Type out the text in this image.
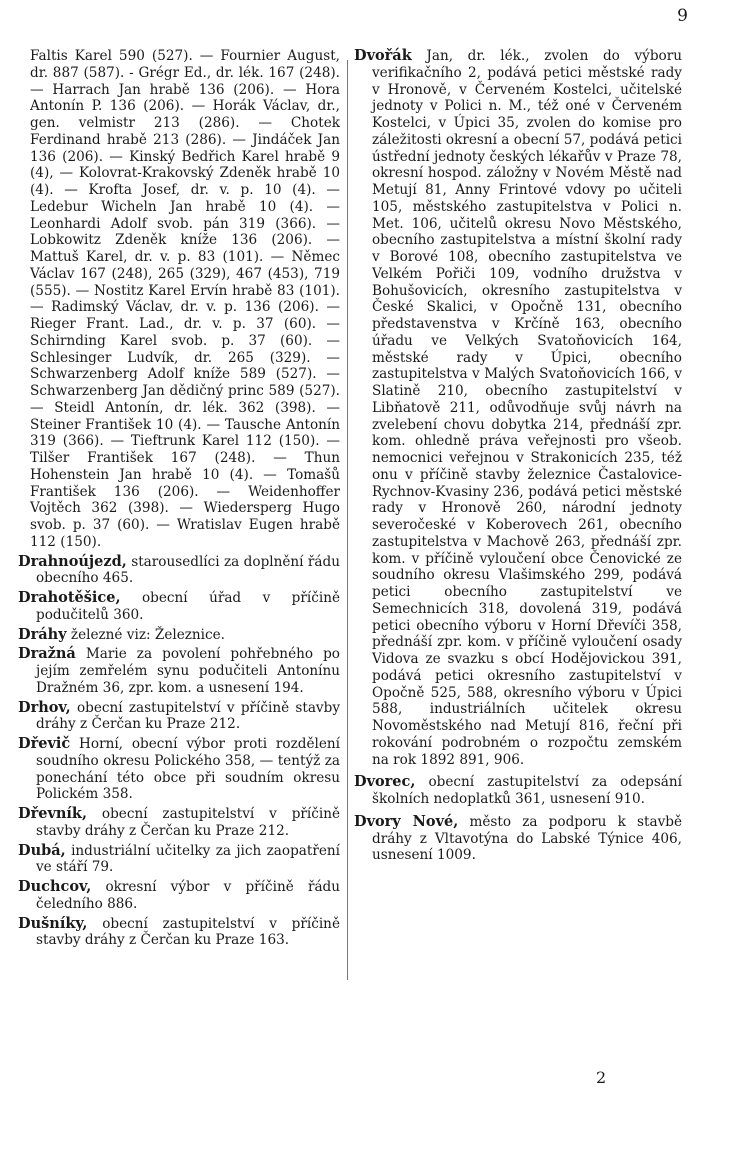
9

Faltis Karel 590 (527). — Fournier August, dr. 887 (587). - Grégr Ed., dr. lék. 167 (248). — Harrach Jan hrabě 136 (206). — Hora Antonín P. 136 (206). — Horák Václav, dr., gen. velmistr 213 (286). — Chotek Ferdinand hrabě 213 (286). — Jindáček Jan 136 (206). — Kinský Bedřich Karel hrabě 9 (4), — Kolovrat-Krakovský Zdeněk hrabě 10 (4). — Krofta Josef, dr. v. p. 10 (4). — Ledebur Wicheln Jan hrabě 10 (4). — Leonhardi Adolf svob. pán 319 (366). — Lobkowitz Zdeněk kníže 136 (206). — Mattuš Karel, dr. v. p. 83 (101). — Němec Václav 167 (248), 265 (329), 467 (453), 719 (555). — Nostitz Karel Ervín hrabě 83 (101). — Radimský Václav, dr. v. p. 136 (206). — Rieger Frant. Lad., dr. v. p. 37 (60). — Schirnding Karel svob. p. 37 (60). — Schlesinger Ludvík, dr. 265 (329). — Schwarzenberg Adolf kníže 589 (527). — Schwarzenberg Jan dědičný princ 589 (527). — Steidl Antonín, dr. lék. 362 (398). — Steiner František 10 (4). — Tausche Antonín 319 (366). — Tieftrunk Karel 112 (150). — Tilšer František 167 (248). — Thun Hohenstein Jan hrabě 10 (4). — Tomašů František 136 (206). — Weidenhoffer Vojtěch 362 (398). — Wiedersperg Hugo svob. p. 37 (60). — Wratislav Eugen hrabě 112 (150).

Drahnoújezd, starousedlíci za doplnění řádu obecního 465.

Drahotěšice, obecní úřad v příčině podučitelů 360.

Dráhy železné viz: Železnice.

Dražná Marie za povolení pohřebného po jejím zemřelém synu podučiteli Antonínu Dražném 36, zpr. kom. a usnesení 194.

Drhov, obecní zastupitelství v příčině stavby dráhy z Čerčan ku Praze 212.

Dřevič Horní, obecní výbor proti rozdělení soudního okresu Polického 358, — tentýž za ponechání této obce při soudním okresu Polickém 358.

Dřevník, obecní zastupitelství v příčině stavby dráhy z Čerčan ku Praze 212.

Dubá, industriální učitelky za jich zaopatření ve stáří 79.

Duchcov, okresní výbor v příčině řádu čeledního 886.

Dušníky, obecní zastupitelství v příčině stavby dráhy z Čerčan ku Praze 163.

Dvořák Jan, dr. lék., zvolen do výboru verifikačního 2, podává petici městské rady v Hronově, v Červeném Kostelci, učitelské jednoty v Polici n. M., též oné v Červeném Kostelci, v Úpici 35, zvolen do komise pro záležitosti okresní a obecní 57, podává petici ústřední jednoty českých lékařův v Praze 78, okresní hospod. záložny v Novém Městě nad Metují 81, Anny Frintové vdovy po učiteli 105, městského zastupitelstva v Polici n. Met. 106, učitelů okresu Novo Městského, obecního zastupitelstva a místní školní rady v Borové 108, obecního zastupitelstva ve Velkém Pořiči 109, vodního družstva v Bohušovicích, okresního zastupitelstva v České Skalici, v Opočně 131, obecního představenstva v Krčíně 163, obecního úřadu ve Velkých Svatoňovicích 164, městské rady v Úpici, obecního zastupitelstva v Malých Svatoňovicích 166, v Slatině 210, obecního zastupitelství v Libňatově 211, odůvodňuje svůj návrh na zvelebení chovu dobytka 214, přednáší zpr. kom. ohledně práva veřejnosti pro všeob. nemocnici veřejnou v Strakonicích 235, též onu v příčině stavby železnice Častalovice-Rychnov-Kvasiny 236, podává petici městské rady v Hronově 260, národní jednoty severočeské v Koberovech 261, obecního zastupitelstva v Machově 263, přednáší zpr. kom. v příčině vyloučení obce Čenovické ze soudního okresu Vlašimského 299, podává petici obecního zastupitelství ve Semechnicích 318, dovolená 319, podává petici obecního výboru v Horní Dřevíči 358, přednáší zpr. kom. v příčině vyloučení osady Vidova ze svazku s obcí Hodějovickou 391, podává petici okresního zastupitelství v Opočně 525, 588, okresního výboru v Úpici 588, industriálních učitelek okresu Novoměstského nad Metují 816, řeční při rokování podrobném o rozpočtu zemském na rok 1892 891, 906.

Dvorec, obecní zastupitelství za odepsání školních nedoplatků 361, usnesení 910.

Dvory Nové, město za podporu k stavbě dráhy z Vltavotýna do Labské Týnice 406, usnesení 1009.

2
